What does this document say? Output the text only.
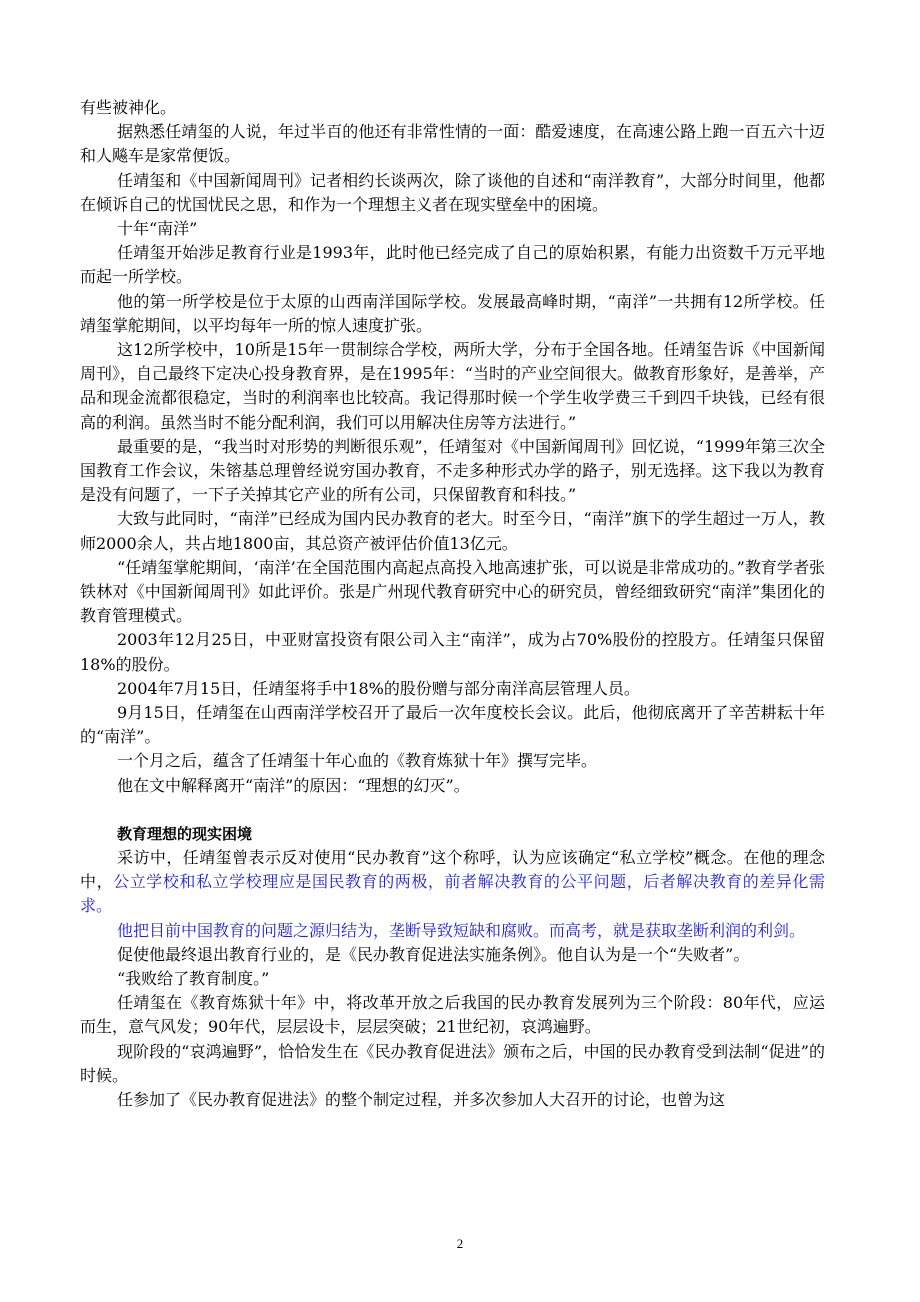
有些被神化。

据熟悉任靖玺的人说，年过半百的他还有非常性情的一面：酷爱速度，在高速公路上跑一百五六十迈和人飚车是家常便饭。

任靖玺和《中国新闻周刊》记者相约长谈两次，除了谈他的自述和“南洋教育”，大部分时间里，他都在倾诉自己的忧国忧民之思，和作为一个理想主义者在现实壁垒中的困境。

十年“南洋”

任靖玺开始涉足教育行业是1993年，此时他已经完成了自己的原始积累，有能力出资数千万元平地而起一所学校。

他的第一所学校是位于太原的山西南洋国际学校。发展最高峰时期，“南洋”一共拥有12所学校。任靖玺掌舵期间，以平均每年一所的惊人速度扩张。

这12所学校中，10所是15年一贯制综合学校，两所大学，分布于全国各地。任靖玺告诉《中国新闻周刊》，自己最终下定决心投身教育界，是在1995年：“当时的产业空间很大。做教育形象好，是善举，产品和现金流都很稳定，当时的利润率也比较高。我记得那时候一个学生收学费三千到四千块钱，已经有很高的利润。虽然当时不能分配利润，我们可以用解决住房等方法进行。”

最重要的是，“我当时对形势的判断很乐观”，任靖玺对《中国新闻周刊》回忆说，“1999年第三次全国教育工作会议，朱镕基总理曾经说穷国办教育，不走多种形式办学的路子，别无选择。这下我以为教育是没有问题了，一下子关掉其它产业的所有公司，只保留教育和科技。”

大致与此同时，“南洋”已经成为国内民办教育的老大。时至今日，“南洋”旗下的学生超过一万人，教师2000余人，共占地1800亩，其总资产被评估价值13亿元。

“任靖玺掌舵期间，‘南洋’在全国范围内高起点高投入地高速扩张，可以说是非常成功的。”教育学者张铁林对《中国新闻周刊》如此评价。张是广州现代教育研究中心的研究员，曾经细致研究“南洋”集团化的教育管理模式。

2003年12月25日，中亚财富投资有限公司入主“南洋”，成为占70%股份的控股方。任靖玺只保留18%的股份。

2004年7月15日，任靖玺将手中18%的股份赠与部分南洋高层管理人员。

9月15日，任靖玺在山西南洋学校召开了最后一次年度校长会议。此后，他彻底离开了辛苦耕耘十年的“南洋”。

一个月之后，蕴含了任靖玺十年心血的《教育炼狱十年》撰写完毕。

他在文中解释离开“南洋”的原因：“理想的幻灭”。

教育理想的现实困境

采访中，任靖玺曾表示反对使用“民办教育”这个称呼，认为应该确定“私立学校”概念。在他的理念中，公立学校和私立学校理应是国民教育的两极，前者解决教育的公平问题，后者解决教育的差异化需求。

他把目前中国教育的问题之源归结为，垄断导致短缺和腐败。而高考，就是获取垄断利润的利剑。

促使他最终退出教育行业的，是《民办教育促进法实施条例》。他自认为是一个“失败者”。

“我败给了教育制度。”

任靖玺在《教育炼狱十年》中，将改革开放之后我国的民办教育发展列为三个阶段：80年代，应运而生，意气风发；90年代，层层设卡，层层突破；21世纪初，哀鸿遍野。

现阶段的“哀鸿遍野”，恰恰发生在《民办教育促进法》颁布之后，中国的民办教育受到法制“促进”的时候。

任参加了《民办教育促进法》的整个制定过程，并多次参加人大召开的讨论，也曾为这

2
